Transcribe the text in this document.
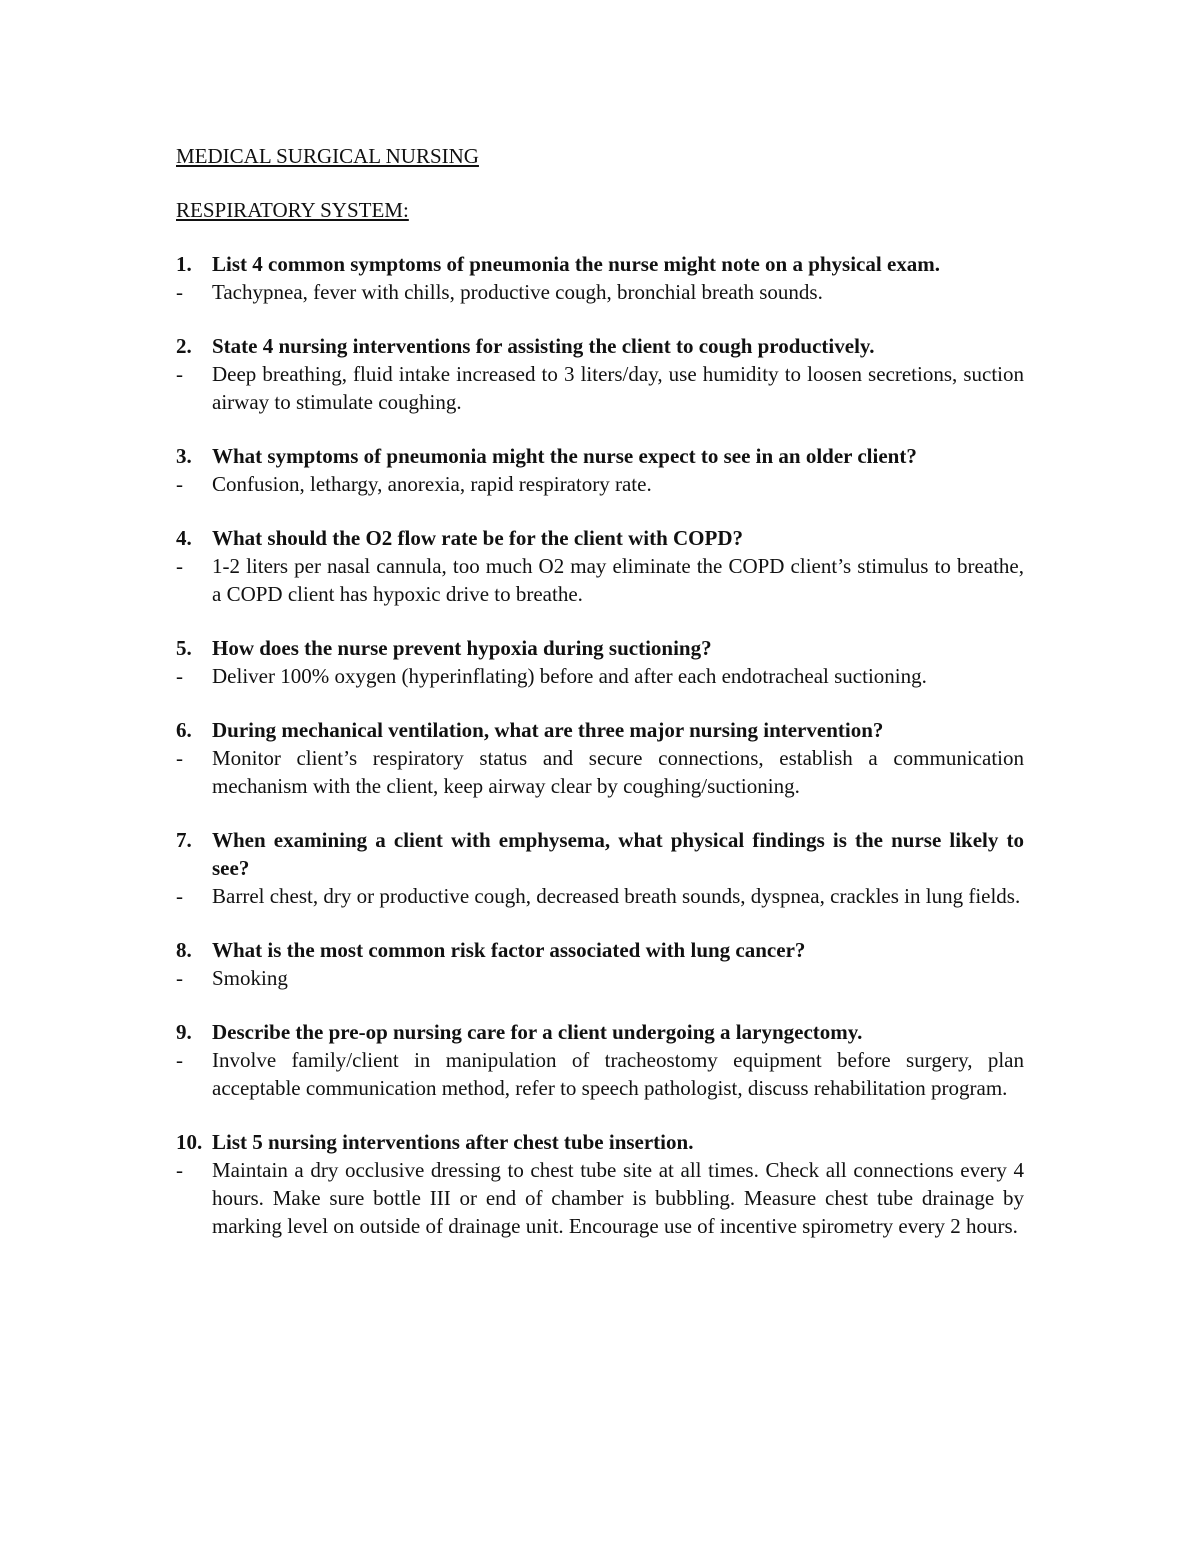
MEDICAL SURGICAL NURSING
RESPIRATORY SYSTEM:
1. List 4 common symptoms of pneumonia the nurse might note on a physical exam.
-	Tachypnea, fever with chills, productive cough, bronchial breath sounds.
2. State 4 nursing interventions for assisting the client to cough productively.
-	Deep breathing, fluid intake increased to 3 liters/day, use humidity to loosen secretions, suction airway to stimulate coughing.
3. What symptoms of pneumonia might the nurse expect to see in an older client?
-	Confusion, lethargy, anorexia, rapid respiratory rate.
4. What should the O2 flow rate be for the client with COPD?
-	1-2 liters per nasal cannula, too much O2 may eliminate the COPD client’s stimulus to breathe, a COPD client has hypoxic drive to breathe.
5. How does the nurse prevent hypoxia during suctioning?
-	Deliver 100% oxygen (hyperinflating) before and after each endotracheal suctioning.
6. During mechanical ventilation, what are three major nursing intervention?
-	Monitor client’s respiratory status and secure connections, establish a communication mechanism with the client, keep airway clear by coughing/suctioning.
7. When examining a client with emphysema, what physical findings is the nurse likely to see?
-	Barrel chest, dry or productive cough, decreased breath sounds, dyspnea, crackles in lung fields.
8. What is the most common risk factor associated with lung cancer?
-	Smoking
9. Describe the pre-op nursing care for a client undergoing a laryngectomy.
-	Involve family/client in manipulation of tracheostomy equipment before surgery, plan acceptable communication method, refer to speech pathologist, discuss rehabilitation program.
10. List 5 nursing interventions after chest tube insertion.
-	Maintain a dry occlusive dressing to chest tube site at all times. Check all connections every 4 hours. Make sure bottle III or end of chamber is bubbling. Measure chest tube drainage by marking level on outside of drainage unit. Encourage use of incentive spirometry every 2 hours.
